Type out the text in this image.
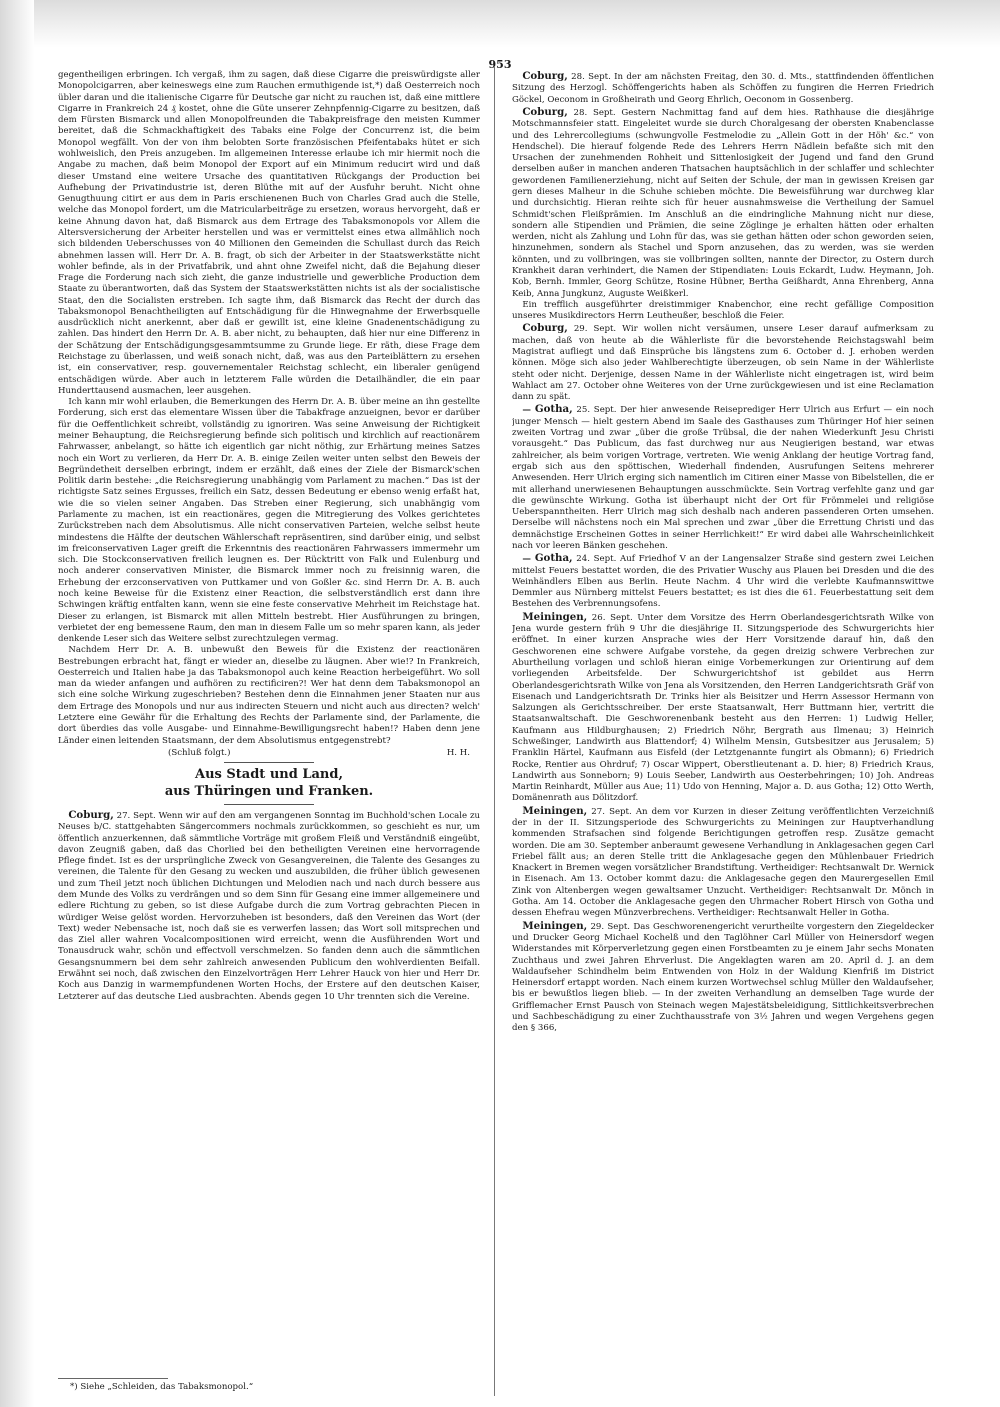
953

gegentheiligen erbringen. Ich vergaß, ihm zu sagen, daß diese Cigarre die preiswürdigste aller Monopolcigarren, aber keineswegs eine zum Rauchen ermuthigende ist,*) daß Oesterreich noch übler daran und die italienische Cigarre für Deutsche gar nicht zu rauchen ist, daß eine mittlere Cigarre in Frankreich 24 ₰ kostet, ohne die Güte unserer Zehnpfennig-Cigarre zu besitzen, daß dem Fürsten Bismarck und allen Monopolfreunden die Tabakpreisfrage den meisten Kummer bereitet, daß die Schmackhaftigkeit des Tabaks eine Folge der Concurrenz ist, die beim Monopol wegfällt. Von der von ihm belobten Sorte französischen Pfeifentabaks hütet er sich wohlweislich, den Preis anzugeben. Im allgemeinen Interesse erlaube ich mir hiermit noch die Angabe zu machen, daß beim Monopol der Export auf ein Minimum reducirt wird und daß dieser Umstand eine weitere Ursache des quantitativen Rückgangs der Production bei Aufhebung der Privatindustrie ist, deren Blüthe mit auf der Ausfuhr beruht. Nicht ohne Genugthuung citirt er aus dem in Paris erschienenen Buch von Charles Grad auch die Stelle, welche das Monopol fordert, um die Matricularbeiträge zu ersetzen, woraus hervorgeht, daß er keine Ahnung davon hat, daß Bismarck aus dem Ertrage des Tabaksmonopols vor Allem die Altersversicherung der Arbeiter herstellen und was er vermittelst eines etwa allmählich noch sich bildenden Ueberschusses von 40 Millionen den Gemeinden die Schullast durch das Reich abnehmen lassen will. Herr Dr. A. B. fragt, ob sich der Arbeiter in der Staatswerkstätte nicht wohler befinde, als in der Privatfabrik, und ahnt ohne Zweifel nicht, daß die Bejahung dieser Frage die Forderung nach sich zieht, die ganze industrielle und gewerbliche Production dem Staate zu überantworten, daß das System der Staatswerkstätten nichts ist als der socialistische Staat, den die Socialisten erstreben. Ich sagte ihm, daß Bismarck das Recht der durch das Tabaksmonopol Benachtheiligten auf Entschädigung für die Hinwegnahme der Erwerbsquelle ausdrücklich nicht anerkennt, aber daß er gewillt ist, eine kleine Gnadenentschädigung zu zahlen. Das hindert den Herrn Dr. A. B. aber nicht, zu behaupten, daß hier nur eine Differenz in der Schätzung der Entschädigungsgesammtsumme zu Grunde liege. Er räth, diese Frage dem Reichstage zu überlassen, und weiß sonach nicht, daß, was aus den Parteiblättern zu ersehen ist, ein conservativer, resp. gouvernementaler Reichstag schlecht, ein liberaler genügend entschädigen würde. Aber auch in letzterem Falle würden die Detailhändler, die ein paar Hunderttausend ausmachen, leer ausgehen.

Ich kann mir wohl erlauben, die Bemerkungen des Herrn Dr. A. B. über meine an ihn gestellte Forderung, sich erst das elementare Wissen über die Tabakfrage anzueignen, bevor er darüber für die Oeffentlichkeit schreibt, vollständig zu ignoriren. Was seine Anweisung der Richtigkeit meiner Behauptung, die Reichsregierung befinde sich politisch und kirchlich auf reactionärem Fahrwasser, anbelangt, so hätte ich eigentlich gar nicht nöthig, zur Erhärtung meines Satzes noch ein Wort zu verlieren, da Herr Dr. A. B. einige Zeilen weiter unten selbst den Beweis der Begründetheit derselben erbringt, indem er erzählt, daß eines der Ziele der Bismarck'schen Politik darin bestehe: „die Reichsregierung unabhängig vom Parlament zu machen.“ Das ist der richtigste Satz seines Ergusses, freilich ein Satz, dessen Bedeutung er ebenso wenig erfaßt hat, wie die so vielen seiner Angaben. Das Streben einer Regierung, sich unabhängig vom Parlamente zu machen, ist ein reactionäres, gegen die Mitregierung des Volkes gerichtetes Zurückstreben nach dem Absolutismus. Alle nicht conservativen Parteien, welche selbst heute mindestens die Hälfte der deutschen Wählerschaft repräsentiren, sind darüber einig, und selbst im freiconservativen Lager greift die Erkenntnis des reactionären Fahrwassers immermehr um sich. Die Stockconservativen freilich leugnen es. Der Rücktritt von Falk und Eulenburg und noch anderer conservativen Minister, die Bismarck immer noch zu freisinnig waren, die Erhebung der erzconservativen von Puttkamer und von Goßler &c. sind Herrn Dr. A. B. auch noch keine Beweise für die Existenz einer Reaction, die selbstverständlich erst dann ihre Schwingen kräftig entfalten kann, wenn sie eine feste conservative Mehrheit im Reichstage hat. Dieser zu erlangen, ist Bismarck mit allen Mitteln bestrebt. Hier Ausführungen zu bringen, verbietet der eng bemessene Raum, den man in diesem Falle um so mehr sparen kann, als jeder denkende Leser sich das Weitere selbst zurechtzulegen vermag.

Nachdem Herr Dr. A. B. unbewußt den Beweis für die Existenz der reactionären Bestrebungen erbracht hat, fängt er wieder an, dieselbe zu läugnen. Aber wie!? In Frankreich, Oesterreich und Italien habe ja das Tabaksmonopol auch keine Reaction herbeigeführt. Wo soll man da wieder anfangen und aufhören zu rectificiren?! Wer hat denn dem Tabaksmonopol an sich eine solche Wirkung zugeschrieben? Bestehen denn die Einnahmen jener Staaten nur aus dem Ertrage des Monopols und nur aus indirecten Steuern und nicht auch aus directen? welch' Letztere eine Gewähr für die Erhaltung des Rechts der Parlamente sind, der Parlamente, die dort überdies das volle Ausgabe- und Einnahme-Bewilligungsrecht haben!? Haben denn jene Länder einen leitenden Staatsmann, der dem Absolutismus entgegenstrebt?

(Schluß folgt.)	H. H.
Aus Stadt und Land,
aus Thüringen und Franken.

Coburg, 27. Sept. Wenn wir auf den am vergangenen Sonntag im Buchhold'schen Locale zu Neuses b/C. stattgehabten Sängercommers nochmals zurückkommen, so geschieht es nur, um öffentlich anzuerkennen, daß sämmtliche Vorträge mit großem Fleiß und Verständniß eingeübt, davon Zeugniß gaben, daß das Chorlied bei den betheiligten Vereinen eine hervorragende Pflege findet. Ist es der ursprüngliche Zweck von Gesangvereinen, die Talente des Gesanges zu vereinen, die Talente für den Gesang zu wecken und auszubilden, die früher üblich gewesenen und zum Theil jetzt noch üblichen Dichtungen und Melodien nach und nach durch bessere aus dem Munde des Volks zu verdrängen und so dem Sinn für Gesang eine immer allgemeinere und edlere Richtung zu geben, so ist diese Aufgabe durch die zum Vortrag gebrachten Piecen in würdiger Weise gelöst worden. Hervorzuheben ist besonders, daß den Vereinen das Wort (der Text) weder Nebensache ist, noch daß sie es verwerfen lassen; das Wort soll mitsprechen und das Ziel aller wahren Vocalcompositionen wird erreicht, wenn die Ausführenden Wort und Tonausdruck wahr, schön und effectvoll verschmelzen. So fanden denn auch die sämmtlichen Gesangsnummern bei dem sehr zahlreich anwesenden Publicum den wohlverdienten Beifall. Erwähnt sei noch, daß zwischen den Einzelvorträgen Herr Lehrer Hauck von hier und Herr Dr. Koch aus Danzig in warmempfundenen Worten Hochs, der Erstere auf den deutschen Kaiser, Letzterer auf das deutsche Lied ausbrachten. Abends gegen 10 Uhr trennten sich die Vereine.

Coburg, 28. Sept. In der am nächsten Freitag, den 30. d. Mts., stattfindenden öffentlichen Sitzung des Herzogl. Schöffengerichts haben als Schöffen zu fungiren die Herren Friedrich Göckel, Oeconom in Großheirath und Georg Ehrlich, Oeconom in Gossenberg.

Coburg, 28. Sept. Gestern Nachmittag fand auf dem hies. Rathhause die diesjährige Motschmannsfeier statt. Eingeleitet wurde sie durch Choralgesang der obersten Knabenclasse und des Lehrercollegiums (schwungvolle Festmelodie zu „Allein Gott in der Höh' &c.“ von Hendschel). Die hierauf folgende Rede des Lehrers Herrn Nädlein befaßte sich mit den Ursachen der zunehmenden Rohheit und Sittenlosigkeit der Jugend und fand den Grund derselben außer in manchen anderen Thatsachen hauptsächlich in der schlaffer und schlechter gewordenen Familienerziehung, nicht auf Seiten der Schule, der man in gewissen Kreisen gar gern dieses Malheur in die Schuhe schieben möchte. Die Beweisführung war durchweg klar und durchsichtig. Hieran reihte sich für heuer ausnahmsweise die Vertheilung der Samuel Schmidt'schen Fleißprämien. Im Anschluß an die eindringliche Mahnung nicht nur diese, sondern alle Stipendien und Prämien, die seine Zöglinge je erhalten hätten oder erhalten werden, nicht als Zahlung und Lohn für das, was sie gethan hätten oder schon geworden seien, hinzunehmen, sondern als Stachel und Sporn anzusehen, das zu werden, was sie werden könnten, und zu vollbringen, was sie vollbringen sollten, nannte der Director, zu Ostern durch Krankheit daran verhindert, die Namen der Stipendiaten: Louis Eckardt, Ludw. Heymann, Joh. Kob, Bernh. Immler, Georg Schütze, Rosine Hübner, Bertha Geißhardt, Anna Ehrenberg, Anna Keib, Anna Jungkunz, Auguste Weißkerl.

Ein trefflich ausgeführter dreistimmiger Knabenchor, eine recht gefällige Composition unseres Musikdirectors Herrn Leutheußer, beschloß die Feier.

Coburg, 29. Sept. Wir wollen nicht versäumen, unsere Leser darauf aufmerksam zu machen, daß von heute ab die Wählerliste für die bevorstehende Reichstagswahl beim Magistrat aufliegt und daß Einsprüche bis längstens zum 6. October d. J. erhoben werden können. Möge sich also jeder Wahlberechtigte überzeugen, ob sein Name in der Wählerliste steht oder nicht. Derjenige, dessen Name in der Wählerliste nicht eingetragen ist, wird beim Wahlact am 27. October ohne Weiteres von der Urne zurückgewiesen und ist eine Reclamation dann zu spät.

— Gotha, 25. Sept. Der hier anwesende Reiseprediger Herr Ulrich aus Erfurt — ein noch junger Mensch — hielt gestern Abend im Saale des Gasthauses zum Thüringer Hof hier seinen zweiten Vortrag und zwar „über die große Trübsal, die der nahen Wiederkunft Jesu Christi vorausgeht.“ Das Publicum, das fast durchweg nur aus Neugierigen bestand, war etwas zahlreicher, als beim vorigen Vortrage, vertreten. Wie wenig Anklang der heutige Vortrag fand, ergab sich aus den spöttischen, Wiederhall findenden, Ausrufungen Seitens mehrerer Anwesenden. Herr Ulrich erging sich namentlich im Citiren einer Masse von Bibelstellen, die er mit allerhand unerwiesenen Behauptungen ausschmückte. Sein Vortrag verfehlte ganz und gar die gewünschte Wirkung. Gotha ist überhaupt nicht der Ort für Frömmelei und religiöse Ueberspanntheiten. Herr Ulrich mag sich deshalb nach anderen passenderen Orten umsehen. Derselbe will nächstens noch ein Mal sprechen und zwar „über die Errettung Christi und das demnächstige Erscheinen Gottes in seiner Herrlichkeit!“ Er wird dabei alle Wahrscheinlichkeit nach vor leeren Bänken geschehen.

— Gotha, 24. Sept. Auf Friedhof V an der Langensalzer Straße sind gestern zwei Leichen mittelst Feuers bestattet worden, die des Privatier Wuschy aus Plauen bei Dresden und die des Weinhändlers Elben aus Berlin. Heute Nachm. 4 Uhr wird die verlebte Kaufmannswittwe Demmler aus Nürnberg mittelst Feuers bestattet; es ist dies die 61. Feuerbestattung seit dem Bestehen des Verbrennungsofens.

Meiningen, 26. Sept. Unter dem Vorsitze des Herrn Oberlandesgerichtsrath Wilke von Jena wurde gestern früh 9 Uhr die diesjährige II. Sitzungsperiode des Schwurgerichts hier eröffnet. In einer kurzen Ansprache wies der Herr Vorsitzende darauf hin, daß den Geschworenen eine schwere Aufgabe vorstehe, da gegen dreizig schwere Verbrechen zur Aburtheilung vorlagen und schloß hieran einige Vorbemerkungen zur Orientirung auf dem vorliegenden Arbeitsfelde. Der Schwurgerichtshof ist gebildet aus Herrn Oberlandesgerichtsrath Wilke von Jena als Vorsitzenden, den Herren Landgerichtsrath Gräf von Eisenach und Landgerichtsrath Dr. Trinks hier als Beisitzer und Herrn Assessor Hermann von Salzungen als Gerichtsschreiber. Der erste Staatsanwalt, Herr Buttmann hier, vertritt die Staatsanwaltschaft. Die Geschworenenbank besteht aus den Herren: 1) Ludwig Heller, Kaufmann aus Hildburghausen; 2) Friedrich Nöhr, Bergrath aus Ilmenau; 3) Heinrich Schweßinger, Landwirth aus Blattendorf; 4) Wilhelm Mensin, Gutsbesitzer aus Jerusalem; 5) Franklin Härtel, Kaufmann aus Eisfeld (der Letztgenannte fungirt als Obmann); 6) Friedrich Rocke, Rentier aus Ohrdruf; 7) Oscar Wippert, Oberstlieutenant a. D. hier; 8) Friedrich Kraus, Landwirth aus Sonneborn; 9) Louis Seeber, Landwirth aus Oesterbehringen; 10) Joh. Andreas Martin Reinhardt, Müller aus Aue; 11) Udo von Henning, Major a. D. aus Gotha; 12) Otto Werth, Domänenrath aus Dölitzdorf.

Meiningen, 27. Sept. An dem vor Kurzen in dieser Zeitung veröffentlichten Verzeichniß der in der II. Sitzungsperiode des Schwurgerichts zu Meiningen zur Hauptverhandlung kommenden Strafsachen sind folgende Berichtigungen getroffen resp. Zusätze gemacht worden. Die am 30. September anberaumt gewesene Verhandlung in Anklagesachen gegen Carl Friebel fällt aus; an deren Stelle tritt die Anklagesache gegen den Mühlenbauer Friedrich Knackert in Bremen wegen vorsätzlicher Brandstiftung. Vertheidiger: Rechtsanwalt Dr. Wernick in Eisenach. Am 13. October kommt dazu: die Anklagesache gegen den Maurergesellen Emil Zink von Altenbergen wegen gewaltsamer Unzucht. Vertheidiger: Rechtsanwalt Dr. Mönch in Gotha. Am 14. October die Anklagesache gegen den Uhrmacher Robert Hirsch von Gotha und dessen Ehefrau wegen Münzverbrechens. Vertheidiger: Rechtsanwalt Heller in Gotha.

Meiningen, 29. Sept. Das Geschworenengericht verurtheilte vorgestern den Ziegeldecker und Drucker Georg Michael Kochelß und den Taglöhner Carl Müller von Heinersdorf wegen Widerstandes mit Körperverletzung gegen einen Forstbeamten zu je einem Jahr sechs Monaten Zuchthaus und zwei Jahren Ehrverlust. Die Angeklagten waren am 20. April d. J. an dem Waldaufseher Schindhelm beim Entwenden von Holz in der Waldung Kienfriß im District Heinersdorf ertappt worden. Nach einem kurzen Wortwechsel schlug Müller den Waldaufseher, bis er bewußtlos liegen blieb. — In der zweiten Verhandlung an demselben Tage wurde der Grifflemacher Ernst Pausch von Steinach wegen Majestätsbeleidigung, Sittlichkeitsverbrechen und Sachbeschädigung zu einer Zuchthausstrafe von 3½ Jahren und wegen Vergehens gegen den § 366,

*) Siehe „Schleiden, das Tabaksmonopol.“
